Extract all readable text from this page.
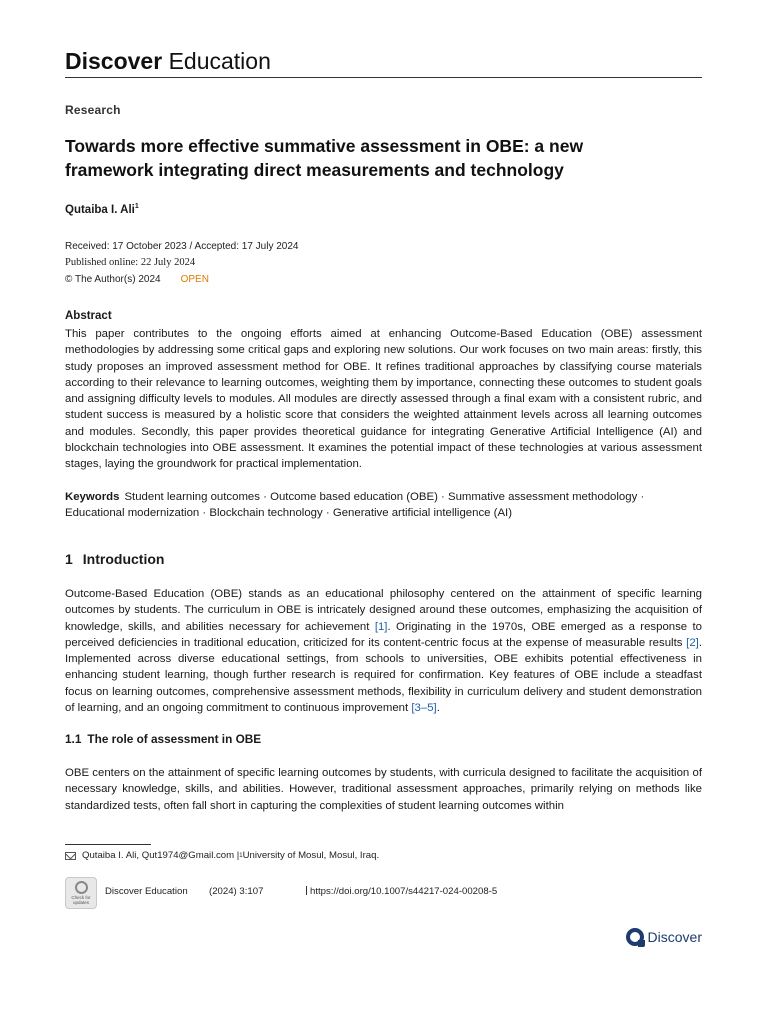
Discover Education
Research
Towards more effective summative assessment in OBE: a new framework integrating direct measurements and technology
Qutaiba I. Ali$^1$
Received: 17 October 2023 / Accepted: 17 July 2024
Published online: 22 July 2024
© The Author(s) 2024 OPEN
Abstract

This paper contributes to the ongoing efforts aimed at enhancing Outcome-Based Education (OBE) assessment methodologies by addressing some critical gaps and exploring new solutions. Our work focuses on two main areas: firstly, this study proposes an improved assessment method for OBE. It refines traditional approaches by classifying course materials according to their relevance to learning outcomes, weighting them by importance, connecting these outcomes to student goals and assigning difficulty levels to modules. All modules are directly assessed through a final exam with a consistent rubric, and student success is measured by a holistic score that considers the weighted attainment levels across all learning outcomes and modules. Secondly, this paper provides theoretical guidance for integrating Generative Artificial Intelligence (AI) and blockchain technologies into OBE assessment. It examines the potential impact of these technologies at various assessment stages, laying the groundwork for practical implementation.

Keywords Student learning outcomes · Outcome based education (OBE) · Summative assessment methodology · Educational modernization · Blockchain technology · Generative artificial intelligence (AI)

1 Introduction

Outcome-Based Education (OBE) stands as an educational philosophy centered on the attainment of specific learning outcomes by students. The curriculum in OBE is intricately designed around these outcomes, emphasizing the acquisition of knowledge, skills, and abilities necessary for achievement [1]. Originating in the 1970s, OBE emerged as a response to perceived deficiencies in traditional education, criticized for its content-centric focus at the expense of measurable results [2]. Implemented across diverse educational settings, from schools to universities, OBE exhibits potential effectiveness in enhancing student learning, though further research is required for confirmation. Key features of OBE include a steadfast focus on learning outcomes, comprehensive assessment methods, flexibility in curriculum delivery and student demonstration of learning, and an ongoing commitment to continuous improvement [3–5].

1.1 The role of assessment in OBE

OBE centers on the attainment of specific learning outcomes by students, with curricula designed to facilitate the acquisition of necessary knowledge, skills, and abilities. However, traditional assessment approaches, primarily relying on methods like standardized tests, often fall short in capturing the complexities of student learning outcomes within

Qutaiba I. Ali, Qut1974@Gmail.com | 1 University of Mosul, Mosul, Iraq.
Check for updates
Discover Education (2024) 3:107	https://doi.org/10.1007/s44217-024-00208-5
Discover
